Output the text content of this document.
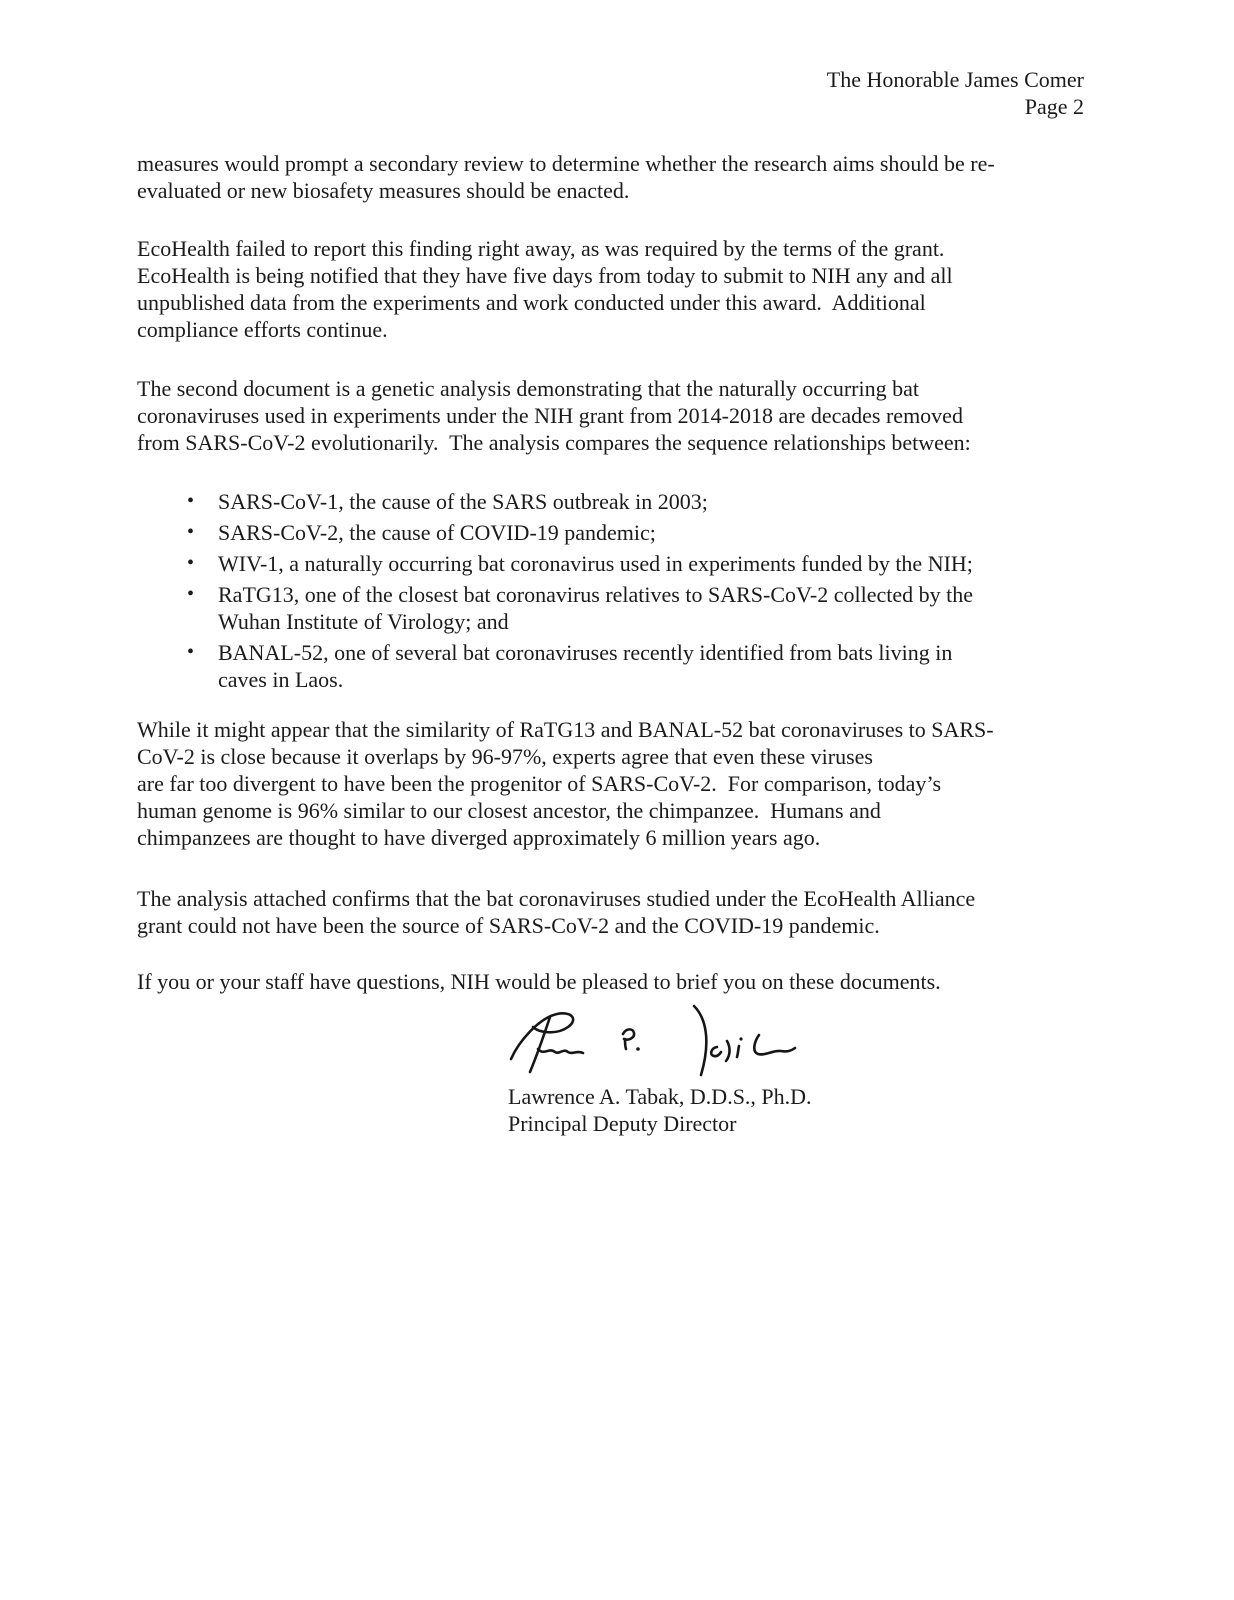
The Honorable James Comer
Page 2
measures would prompt a secondary review to determine whether the research aims should be re-
evaluated or new biosafety measures should be enacted.
EcoHealth failed to report this finding right away, as was required by the terms of the grant.
EcoHealth is being notified that they have five days from today to submit to NIH any and all
unpublished data from the experiments and work conducted under this award.  Additional
compliance efforts continue.
The second document is a genetic analysis demonstrating that the naturally occurring bat
coronaviruses used in experiments under the NIH grant from 2014-2018 are decades removed
from SARS-CoV-2 evolutionarily.  The analysis compares the sequence relationships between:
• SARS-CoV-1, the cause of the SARS outbreak in 2003;
• SARS-CoV-2, the cause of COVID-19 pandemic;
• WIV-1, a naturally occurring bat coronavirus used in experiments funded by the NIH;
• RaTG13, one of the closest bat coronavirus relatives to SARS-CoV-2 collected by the
Wuhan Institute of Virology; and
• BANAL-52, one of several bat coronaviruses recently identified from bats living in
caves in Laos.
While it might appear that the similarity of RaTG13 and BANAL-52 bat coronaviruses to SARS-
CoV-2 is close because it overlaps by 96-97%, experts agree that even these viruses
are far too divergent to have been the progenitor of SARS-CoV-2.  For comparison, today’s
human genome is 96% similar to our closest ancestor, the chimpanzee.  Humans and
chimpanzees are thought to have diverged approximately 6 million years ago.
The analysis attached confirms that the bat coronaviruses studied under the EcoHealth Alliance
grant could not have been the source of SARS-CoV-2 and the COVID-19 pandemic.
If you or your staff have questions, NIH would be pleased to brief you on these documents.
Lawrence A. Tabak, D.D.S., Ph.D.
Principal Deputy Director
